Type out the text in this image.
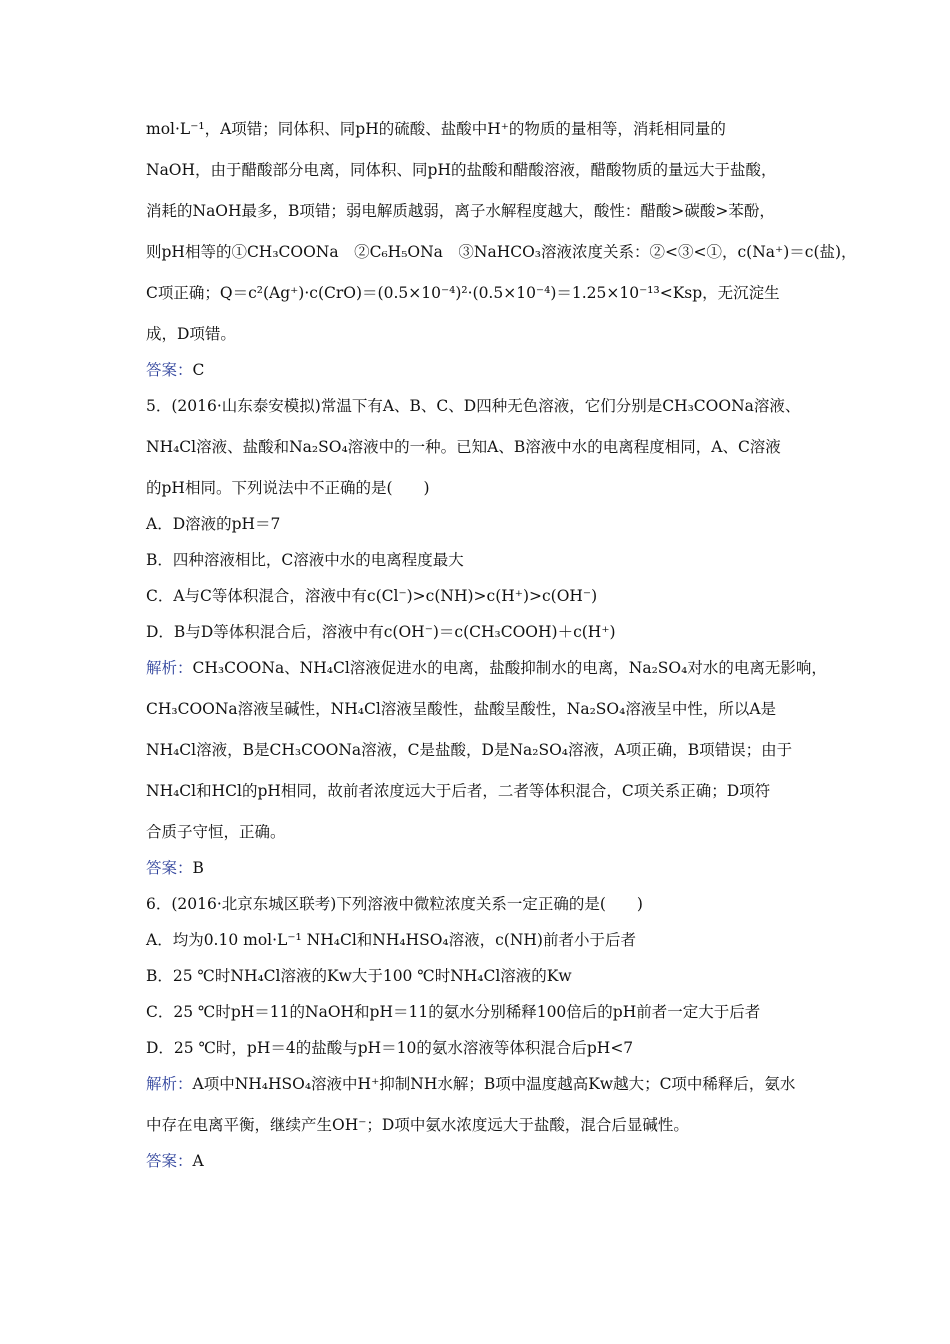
mol·L⁻¹，A项错；同体积、同pH的硫酸、盐酸中H⁺的物质的量相等，消耗相同量的
NaOH，由于醋酸部分电离，同体积、同pH的盐酸和醋酸溶液，醋酸物质的量远大于盐酸，
消耗的NaOH最多，B项错；弱电解质越弱，离子水解程度越大，酸性：醋酸>碳酸>苯酚，
则pH相等的①CH₃COONa　②C₆H₅ONa　③NaHCO₃溶液浓度关系：②<③<①，c(Na⁺)＝c(盐)，
C项正确；Q＝c²(Ag⁺)·c(CrO)＝(0.5×10⁻⁴)²·(0.5×10⁻⁴)＝1.25×10⁻¹³<Ksp，无沉淀生
成，D项错。
答案：C
5．(2016·山东泰安模拟)常温下有A、B、C、D四种无色溶液，它们分别是CH₃COONa溶液、
NH₄Cl溶液、盐酸和Na₂SO₄溶液中的一种。已知A、B溶液中水的电离程度相同，A、C溶液
的pH相同。下列说法中不正确的是(　　)
A．D溶液的pH＝7
B．四种溶液相比，C溶液中水的电离程度最大
C．A与C等体积混合，溶液中有c(Cl⁻)>c(NH)>c(H⁺)>c(OH⁻)
D．B与D等体积混合后，溶液中有c(OH⁻)＝c(CH₃COOH)＋c(H⁺)
解析：CH₃COONa、NH₄Cl溶液促进水的电离，盐酸抑制水的电离，Na₂SO₄对水的电离无影响，
CH₃COONa溶液呈碱性，NH₄Cl溶液呈酸性，盐酸呈酸性，Na₂SO₄溶液呈中性，所以A是
NH₄Cl溶液，B是CH₃COONa溶液，C是盐酸，D是Na₂SO₄溶液，A项正确，B项错误；由于
NH₄Cl和HCl的pH相同，故前者浓度远大于后者，二者等体积混合，C项关系正确；D项符
合质子守恒，正确。
答案：B
6．(2016·北京东城区联考)下列溶液中微粒浓度关系一定正确的是(　　)
A．均为0.10 mol·L⁻¹ NH₄Cl和NH₄HSO₄溶液，c(NH)前者小于后者
B．25 ℃时NH₄Cl溶液的Kw大于100 ℃时NH₄Cl溶液的Kw
C．25 ℃时pH＝11的NaOH和pH＝11的氨水分别稀释100倍后的pH前者一定大于后者
D．25 ℃时，pH＝4的盐酸与pH＝10的氨水溶液等体积混合后pH<7
解析：A项中NH₄HSO₄溶液中H⁺抑制NH水解；B项中温度越高Kw越大；C项中稀释后，氨水
中存在电离平衡，继续产生OH⁻；D项中氨水浓度远大于盐酸，混合后显碱性。
答案：A
